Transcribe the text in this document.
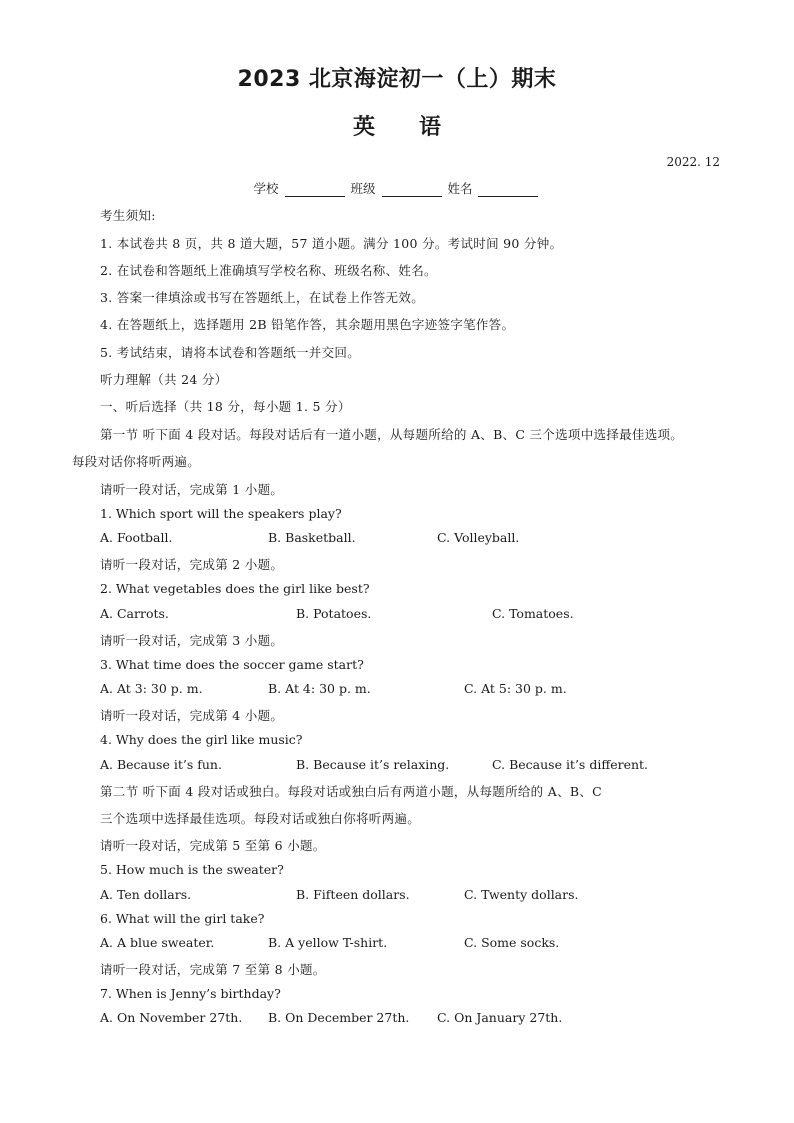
2023 北京海淀初一（上）期末
英 语
2022. 12
学校	班级	姓名
考生须知:
1. 本试卷共 8 页，共 8 道大题，57 道小题。满分 100 分。考试时间 90 分钟。
2. 在试卷和答题纸上准确填写学校名称、班级名称、姓名。
3. 答案一律填涂或书写在答题纸上，在试卷上作答无效。
4. 在答题纸上，选择题用 2B 铅笔作答，其余题用黑色字迹签字笔作答。
5. 考试结束，请将本试卷和答题纸一并交回。
听力理解（共 24 分）
一、听后选择（共 18 分，每小题 1. 5 分）
第一节 听下面 4 段对话。每段对话后有一道小题，从每题所给的 A、B、C 三个选项中选择最佳选项。
每段对话你将听两遍。
请听一段对话，完成第 1 小题。
1. Which sport will the speakers play?
A. Football.	B. Basketball.	C. Volleyball.
请听一段对话，完成第 2 小题。
2. What vegetables does the girl like best?
A. Carrots.	B. Potatoes.	C. Tomatoes.
请听一段对话，完成第 3 小题。
3. What time does the soccer game start?
A. At 3: 30 p. m.	B. At 4: 30 p. m.	C. At 5: 30 p. m.
请听一段对话，完成第 4 小题。
4. Why does the girl like music?
A. Because it’s fun.	B. Because it’s relaxing.	C. Because it’s different.
第二节 听下面 4 段对话或独白。每段对话或独白后有两道小题，从每题所给的 A、B、C
三个选项中选择最佳选项。每段对话或独白你将听两遍。
请听一段对话，完成第 5 至第 6 小题。
5. How much is the sweater?
A. Ten dollars.	B. Fifteen dollars.	C. Twenty dollars.
6. What will the girl take?
A. A blue sweater.	B. A yellow T-shirt.	C. Some socks.
请听一段对话，完成第 7 至第 8 小题。
7. When is Jenny’s birthday?
A. On November 27th. B. On December 27th. C. On January 27th.
